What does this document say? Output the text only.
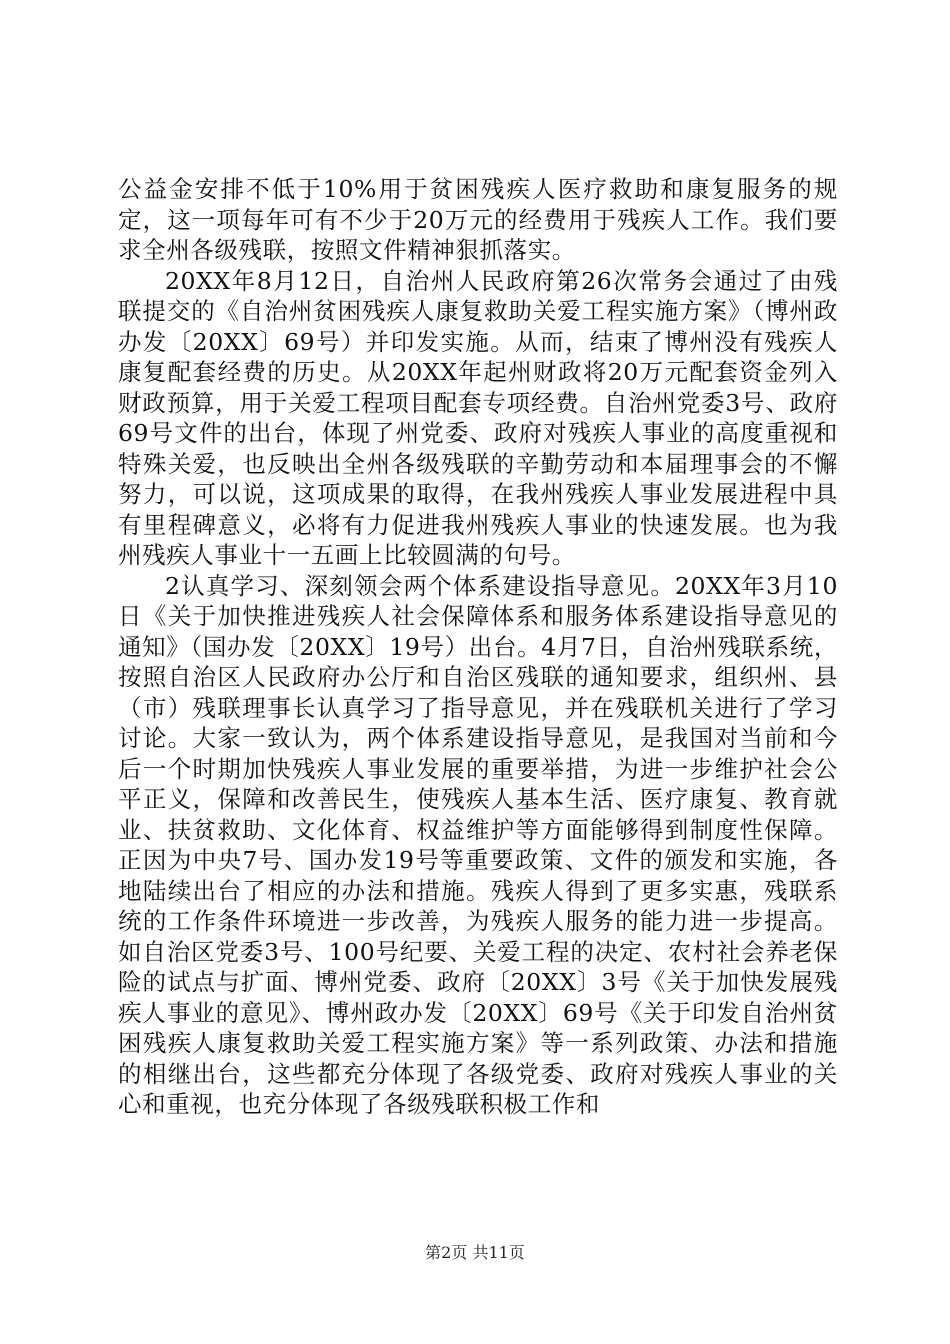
公益金安排不低于10%用于贫困残疾人医疗救助和康复服务的规定，这一项每年可有不少于20万元的经费用于残疾人工作。我们要求全州各级残联，按照文件精神狠抓落实。

20XX年8月12日，自治州人民政府第26次常务会通过了由残联提交的《自治州贫困残疾人康复救助关爱工程实施方案》（博州政办发〔20XX〕69号）并印发实施。从而，结束了博州没有残疾人康复配套经费的历史。从20XX年起州财政将20万元配套资金列入财政预算，用于关爱工程项目配套专项经费。自治州党委3号、政府69号文件的出台，体现了州党委、政府对残疾人事业的高度重视和特殊关爱，也反映出全州各级残联的辛勤劳动和本届理事会的不懈努力，可以说，这项成果的取得，在我州残疾人事业发展进程中具有里程碑意义，必将有力促进我州残疾人事业的快速发展。也为我州残疾人事业十一五画上比较圆满的句号。

2认真学习、深刻领会两个体系建设指导意见。20XX年3月10日《关于加快推进残疾人社会保障体系和服务体系建设指导意见的通知》（国办发〔20XX〕19号）出台。4月7日，自治州残联系统，按照自治区人民政府办公厅和自治区残联的通知要求，组织州、县（市）残联理事长认真学习了指导意见，并在残联机关进行了学习讨论。大家一致认为，两个体系建设指导意见，是我国对当前和今后一个时期加快残疾人事业发展的重要举措，为进一步维护社会公平正义，保障和改善民生，使残疾人基本生活、医疗康复、教育就业、扶贫救助、文化体育、权益维护等方面能够得到制度性保障。正因为中央7号、国办发19号等重要政策、文件的颁发和实施，各地陆续出台了相应的办法和措施。残疾人得到了更多实惠，残联系统的工作条件环境进一步改善，为残疾人服务的能力进一步提高。如自治区党委3号、100号纪要、关爱工程的决定、农村社会养老保险的试点与扩面、博州党委、政府〔20XX〕3号《关于加快发展残疾人事业的意见》、博州政办发〔20XX〕69号《关于印发自治州贫困残疾人康复救助关爱工程实施方案》等一系列政策、办法和措施的相继出台，这些都充分体现了各级党委、政府对残疾人事业的关心和重视，也充分体现了各级残联积极工作和

第2页 共11页
